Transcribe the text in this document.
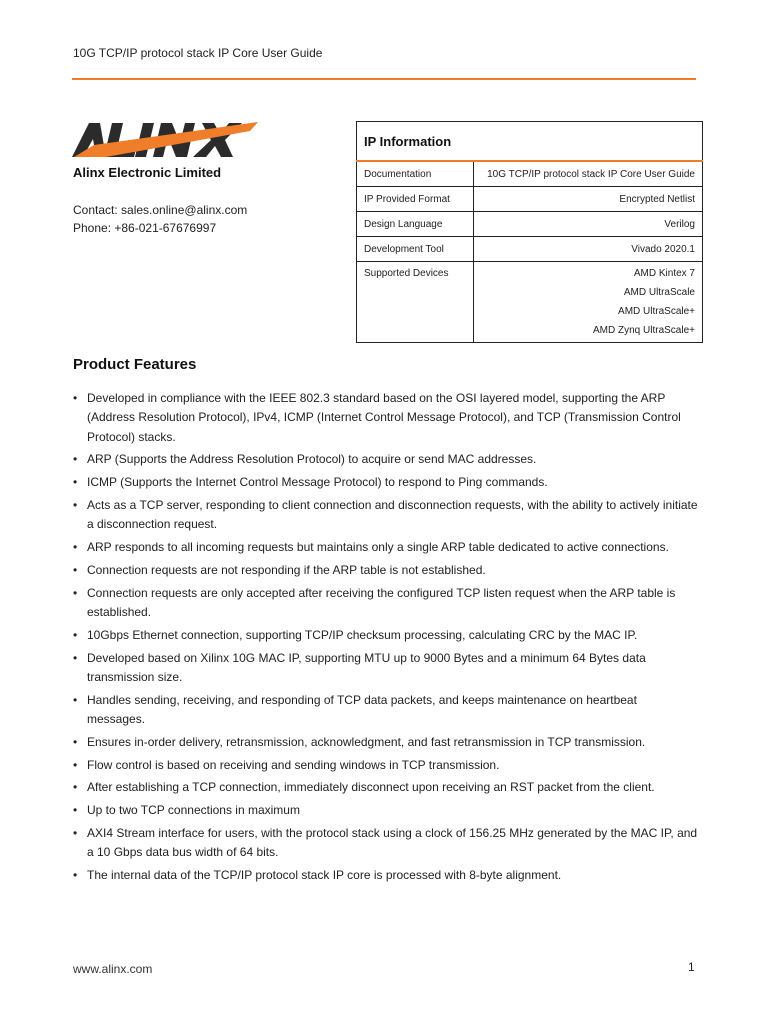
10G TCP/IP protocol stack IP Core User Guide
Alinx Electronic Limited
Contact: sales.online@alinx.com
Phone: +86-021-67676997
IP Information	
Documentation	10G TCP/IP protocol stack IP Core User Guide
IP Provided Format	Encrypted Netlist
Design Language	Verilog
Development Tool	Vivado 2020.1
Supported Devices	AMD Kintex 7
AMD UltraScale
AMD UltraScale+
AMD Zynq UltraScale+
Product Features
• Developed in compliance with the IEEE 802.3 standard based on the OSI layered model, supporting the ARP (Address Resolution Protocol), IPv4, ICMP (Internet Control Message Protocol), and TCP (Transmission Control Protocol) stacks.
• ARP (Supports the Address Resolution Protocol) to acquire or send MAC addresses.
• ICMP (Supports the Internet Control Message Protocol) to respond to Ping commands.
• Acts as a TCP server, responding to client connection and disconnection requests, with the ability to actively initiate a disconnection request.
• ARP responds to all incoming requests but maintains only a single ARP table dedicated to active connections.
• Connection requests are not responding if the ARP table is not established.
• Connection requests are only accepted after receiving the configured TCP listen request when the ARP table is established.
• 10Gbps Ethernet connection, supporting TCP/IP checksum processing, calculating CRC by the MAC IP.
• Developed based on Xilinx 10G MAC IP, supporting MTU up to 9000 Bytes and a minimum 64 Bytes data transmission size.
• Handles sending, receiving, and responding of TCP data packets, and keeps maintenance on heartbeat messages.
• Ensures in-order delivery, retransmission, acknowledgment, and fast retransmission in TCP transmission.
• Flow control is based on receiving and sending windows in TCP transmission.
• After establishing a TCP connection, immediately disconnect upon receiving an RST packet from the client.
• Up to two TCP connections in maximum
• AXI4 Stream interface for users, with the protocol stack using a clock of 156.25 MHz generated by the MAC IP, and a 10 Gbps data bus width of 64 bits.
• The internal data of the TCP/IP protocol stack IP core is processed with 8-byte alignment.
www.alinx.com	1
